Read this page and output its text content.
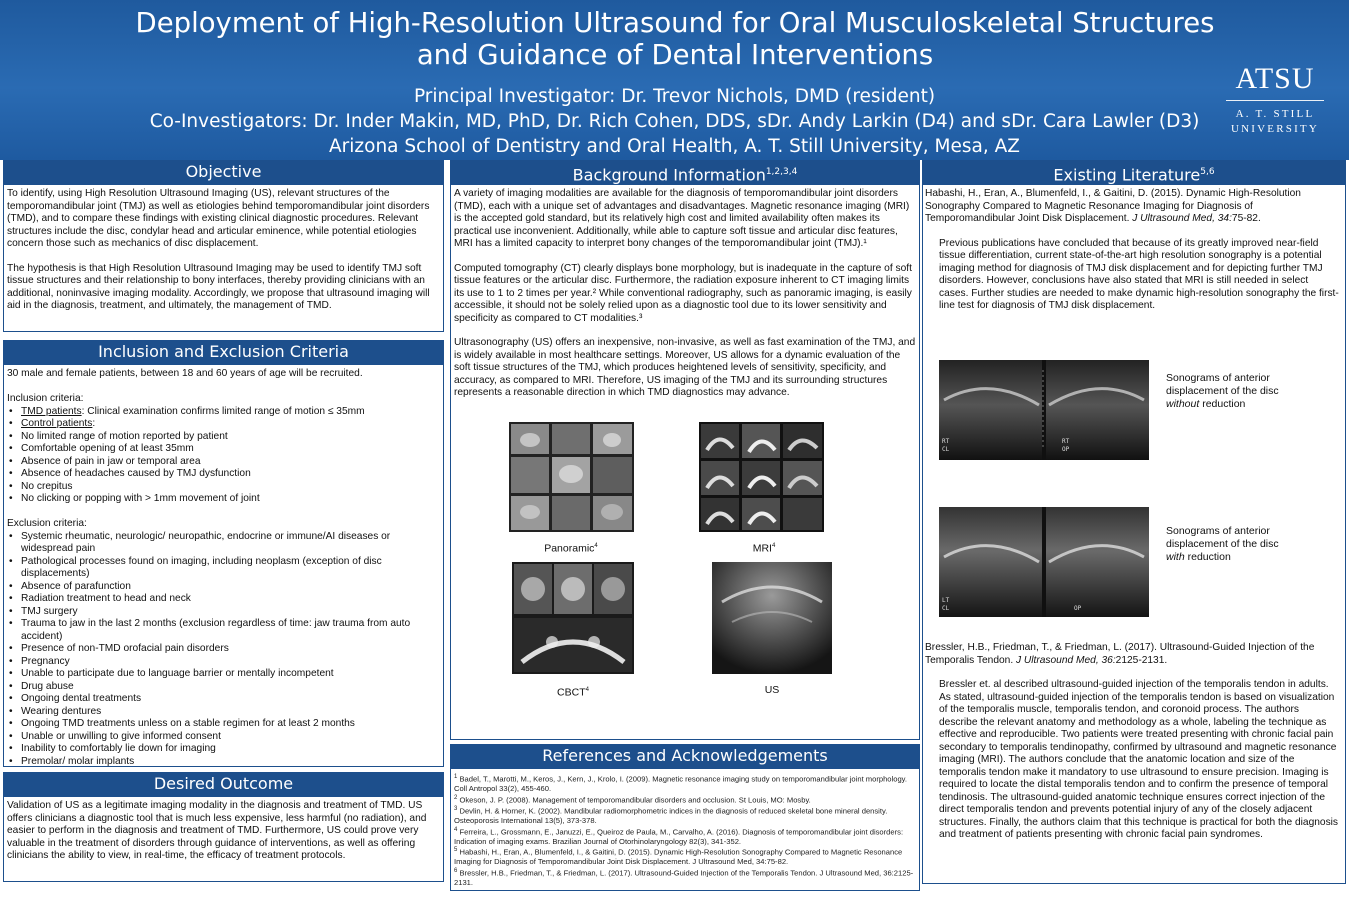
Deployment of High-Resolution Ultrasound for Oral Musculoskeletal Structures
and Guidance of Dental Interventions
Principal Investigator: Dr. Trevor Nichols, DMD (resident)
Co-Investigators: Dr. Inder Makin, MD, PhD, Dr. Rich Cohen, DDS, sDr. Andy Larkin (D4) and sDr. Cara Lawler (D3)
Arizona School of Dentistry and Oral Health, A. T. Still University, Mesa, AZ
ATSU
A. T. STILL
UNIVERSITY
Objective

To identify, using High Resolution Ultrasound Imaging (US), relevant structures of the temporomandibular joint (TMJ) as well as etiologies behind temporomandibular joint disorders (TMD), and to compare these findings with existing clinical diagnostic procedures. Relevant structures include the disc, condylar head and articular eminence, while potential etiologies concern those such as mechanics of disc displacement.

The hypothesis is that High Resolution Ultrasound Imaging may be used to identify TMJ soft tissue structures and their relationship to bony interfaces, thereby providing clinicians with an additional, noninvasive imaging modality. Accordingly, we propose that ultrasound imaging will aid in the diagnosis, treatment, and ultimately, the management of TMD.

Inclusion and Exclusion Criteria
30 male and female patients, between 18 and 60 years of age will be recruited.
Inclusion criteria:
• TMD patients: Clinical examination confirms limited range of motion ≤ 35mm
• Control patients:
• No limited range of motion reported by patient
• Comfortable opening of at least 35mm
• Absence of pain in jaw or temporal area
• Absence of headaches caused by TMJ dysfunction
• No crepitus
• No clicking or popping with > 1mm movement of joint
Exclusion criteria:
• Systemic rheumatic, neurologic/ neuropathic, endocrine or immune/AI diseases or widespread pain
• Pathological processes found on imaging, including neoplasm (exception of disc displacements)
• Absence of parafunction
• Radiation treatment to head and neck
• TMJ surgery
• Trauma to jaw in the last 2 months (exclusion regardless of time: jaw trauma from auto accident)
• Presence of non-TMD orofacial pain disorders
• Pregnancy
• Unable to participate due to language barrier or mentally incompetent
• Drug abuse
• Ongoing dental treatments
• Wearing dentures
• Ongoing TMD treatments unless on a stable regimen for at least 2 months
• Unable or unwilling to give informed consent
• Inability to comfortably lie down for imaging
• Premolar/ molar implants
Desired Outcome

Validation of US as a legitimate imaging modality in the diagnosis and treatment of TMD. US offers clinicians a diagnostic tool that is much less expensive, less harmful (no radiation), and easier to perform in the diagnosis and treatment of TMD. Furthermore, US could prove very valuable in the treatment of disorders through guidance of interventions, as well as offering clinicians the ability to view, in real-time, the efficacy of treatment protocols.

Background Information$^{1,2,3,4}$

A variety of imaging modalities are available for the diagnosis of temporomandibular joint disorders (TMD), each with a unique set of advantages and disadvantages. Magnetic resonance imaging (MRI) is the accepted gold standard, but its relatively high cost and limited availability often makes its practical use inconvenient. Additionally, while able to capture soft tissue and articular disc features, MRI has a limited capacity to interpret bony changes of the temporomandibular joint (TMJ).¹

Computed tomography (CT) clearly displays bone morphology, but is inadequate in the capture of soft tissue features or the articular disc. Furthermore, the radiation exposure inherent to CT imaging limits its use to 1 to 2 times per year.² While conventional radiography, such as panoramic imaging, is easily accessible, it should not be solely relied upon as a diagnostic tool due to its lower sensitivity and specificity as compared to CT modalities.³

Ultrasonography (US) offers an inexpensive, non-invasive, as well as fast examination of the TMJ, and is widely available in most healthcare settings. Moreover, US allows for a dynamic evaluation of the soft tissue structures of the TMJ, which produces heightened levels of sensitivity, specificity, and accuracy, as compared to MRI. Therefore, US imaging of the TMJ and its surrounding structures represents a reasonable direction in which TMD diagnostics may advance.

Panoramic$^4$	MRI$^4$
CBCT$^4$	US
References and Acknowledgements
$^1$ Badel, T., Marotti, M., Keros, J., Kern, J., Krolo, I. (2009). Magnetic resonance imaging study on temporomandibular joint morphology. Coll Antropol 33(2), 455-460.
$^2$ Okeson, J. P. (2008). Management of temporomandibular disorders and occlusion. St Louis, MO: Mosby.
$^3$ Devlin, H. & Horner, K. (2002). Mandibular radiomorphometric indices in the diagnosis of reduced skeletal bone mineral density. Osteoporosis International 13(5), 373-378.
$^4$ Ferreira, L., Grossmann, E., Januzzi, E., Queiroz de Paula, M., Carvalho, A. (2016). Diagnosis of temporomandibular joint disorders: Indication of imaging exams. Brazilian Journal of Otorhinolaryngology 82(3), 341-352.
$^5$ Habashi, H., Eran, A., Blumenfeld, I., & Gaitini, D. (2015). Dynamic High-Resolution Sonography Compared to Magnetic Resonance Imaging for Diagnosis of Temporomandibular Joint Disk Displacement. J Ultrasound Med, 34:75-82.
$^6$ Bressler, H.B., Friedman, T., & Friedman, L. (2017). Ultrasound-Guided Injection of the Temporalis Tendon. J Ultrasound Med, 36:2125-2131.
Existing Literature$^{5,6}$
Habashi, H., Eran, A., Blumenfeld, I., & Gaitini, D. (2015). Dynamic High-Resolution Sonography Compared to Magnetic Resonance Imaging for Diagnosis of Temporomandibular Joint Disk Displacement. J Ultrasound Med, 34:75-82.
Previous publications have concluded that because of its greatly improved near-field tissue differentiation, current state-of-the-art high resolution sonography is a potential imaging method for diagnosis of TMJ disk displacement and for depicting further TMJ disorders. However, conclusions have also stated that MRI is still needed in select cases. Further studies are needed to make dynamic high-resolution sonography the first-line test for diagnosis of TMJ disk displacement.
RT
CL
RT
OP
Sonograms of anterior displacement of the disc
without reduction
LT
CL	OP
Sonograms of anterior displacement of the disc
with reduction
Bressler, H.B., Friedman, T., & Friedman, L. (2017). Ultrasound-Guided Injection of the Temporalis Tendon. J Ultrasound Med, 36:2125-2131.
Bressler et. al described ultrasound-guided injection of the temporalis tendon in adults. As stated, ultrasound-guided injection of the temporalis tendon is based on visualization of the temporalis muscle, temporalis tendon, and coronoid process. The authors describe the relevant anatomy and methodology as a whole, labeling the technique as effective and reproducible. Two patients were treated presenting with chronic facial pain secondary to temporalis tendinopathy, confirmed by ultrasound and magnetic resonance imaging (MRI). The authors conclude that the anatomic location and size of the temporalis tendon make it mandatory to use ultrasound to ensure precision. Imaging is required to locate the distal temporalis tendon and to confirm the presence of temporal tendinosis. The ultrasound-guided anatomic technique ensures correct injection of the direct temporalis tendon and prevents potential injury of any of the closely adjacent structures. Finally, the authors claim that this technique is practical for both the diagnosis and treatment of patients presenting with chronic facial pain syndromes.
